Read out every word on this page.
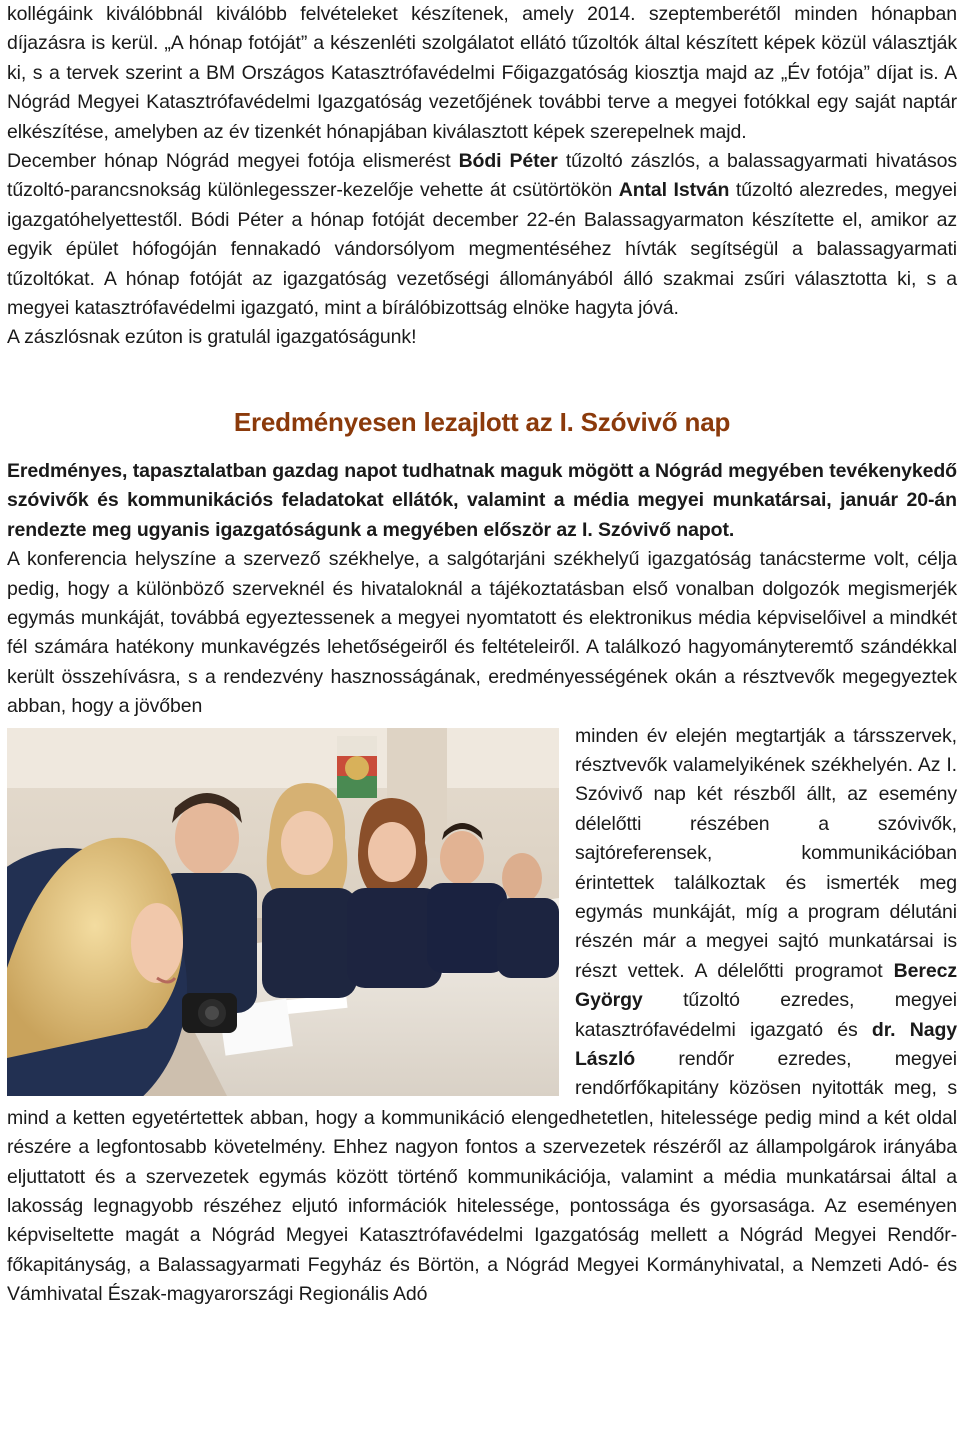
kollégáink kiválóbbnál kiválóbb felvételeket készítenek, amely 2014. szeptemberétől minden hónapban díjazásra is kerül. „A hónap fotóját” a készenléti szolgálatot ellátó tűzoltók által készített képek közül választják ki, s a tervek szerint a BM Országos Katasztrófavédelmi Főigazgatóság kiosztja majd az „Év fotója” díjat is. A Nógrád Megyei Katasztrófavédelmi Igazgatóság vezetőjének további terve a megyei fotókkal egy saját naptár elkészítése, amelyben az év tizenkét hónapjában kiválasztott képek szerepelnek majd.

December hónap Nógrád megyei fotója elismerést Bódi Péter tűzoltó zászlós, a balassagyarmati hivatásos tűzoltó-parancsnokság különlegesszer-kezelője vehette át csütörtökön Antal István tűzoltó alezredes, megyei igazgatóhelyettestől. Bódi Péter a hónap fotóját december 22-én Balassagyarmaton készítette el, amikor az egyik épület hófogóján fennakadó vándorsólyom megmentéséhez hívták segítségül a balassagyarmati tűzoltókat. A hónap fotóját az igazgatóság vezetőségi állományából álló szakmai zsűri választotta ki, s a megyei katasztrófavédelmi igazgató, mint a bírálóbizottság elnöke hagyta jóvá.

A zászlósnak ezúton is gratulál igazgatóságunk!

Eredményesen lezajlott az I. Szóvivő nap

Eredményes, tapasztalatban gazdag napot tudhatnak maguk mögött a Nógrád megyében tevékenykedő szóvivők és kommunikációs feladatokat ellátók, valamint a média megyei munkatársai, január 20-án rendezte meg ugyanis igazgatóságunk a megyében először az I. Szóvivő napot.

A konferencia helyszíne a szervező székhelye, a salgótarjáni székhelyű igazgatóság tanácsterme volt, célja pedig, hogy a különböző szerveknél és hivataloknál a tájékoztatásban első vonalban dolgozók megismerjék egymás munkáját, továbbá egyeztessenek a megyei nyomtatott és elektronikus média képviselőivel a mindkét fél számára hatékony munkavégzés lehetőségeiről és feltételeiről. A találkozó hagyományteremtő szándékkal került összehívásra, s a rendezvény hasznosságának, eredményességének okán a résztvevők megegyeztek abban, hogy a jövőben

minden év elején megtartják a társszervek, résztvevők valamelyikének székhelyén. Az I. Szóvivő nap két részből állt, az esemény délelőtti részében a szóvivők, sajtóreferensek, kommunikációban érintettek találkoztak és ismerték meg egymás munkáját, míg a program délutáni részén már a megyei sajtó munkatársai is részt vettek. A délelőtti programot Berecz György tűzoltó ezredes, megyei katasztrófavédelmi igazgató és dr. Nagy László rendőr ezredes, megyei rendőrfőkapitány közösen nyitották meg, s mind a ketten egyetértettek abban, hogy a kommunikáció elengedhetetlen, hitelessége pedig mind a két oldal részére a legfontosabb követelmény. Ehhez nagyon fontos a szervezetek részéről az állampolgárok irányába eljuttatott és a szervezetek egymás között történő kommunikációja, valamint a média munkatársai által a lakosság legnagyobb részéhez eljutó információk hitelessége, pontossága és gyorsasága. Az eseményen képviseltette magát a Nógrád Megyei Katasztrófavédelmi Igazgatóság mellett a Nógrád Megyei Rendőr-főkapitányság, a Balassagyarmati Fegyház és Börtön, a Nógrád Megyei Kormányhivatal, a Nemzeti Adó- és Vámhivatal Észak-magyarországi Regionális Adó
